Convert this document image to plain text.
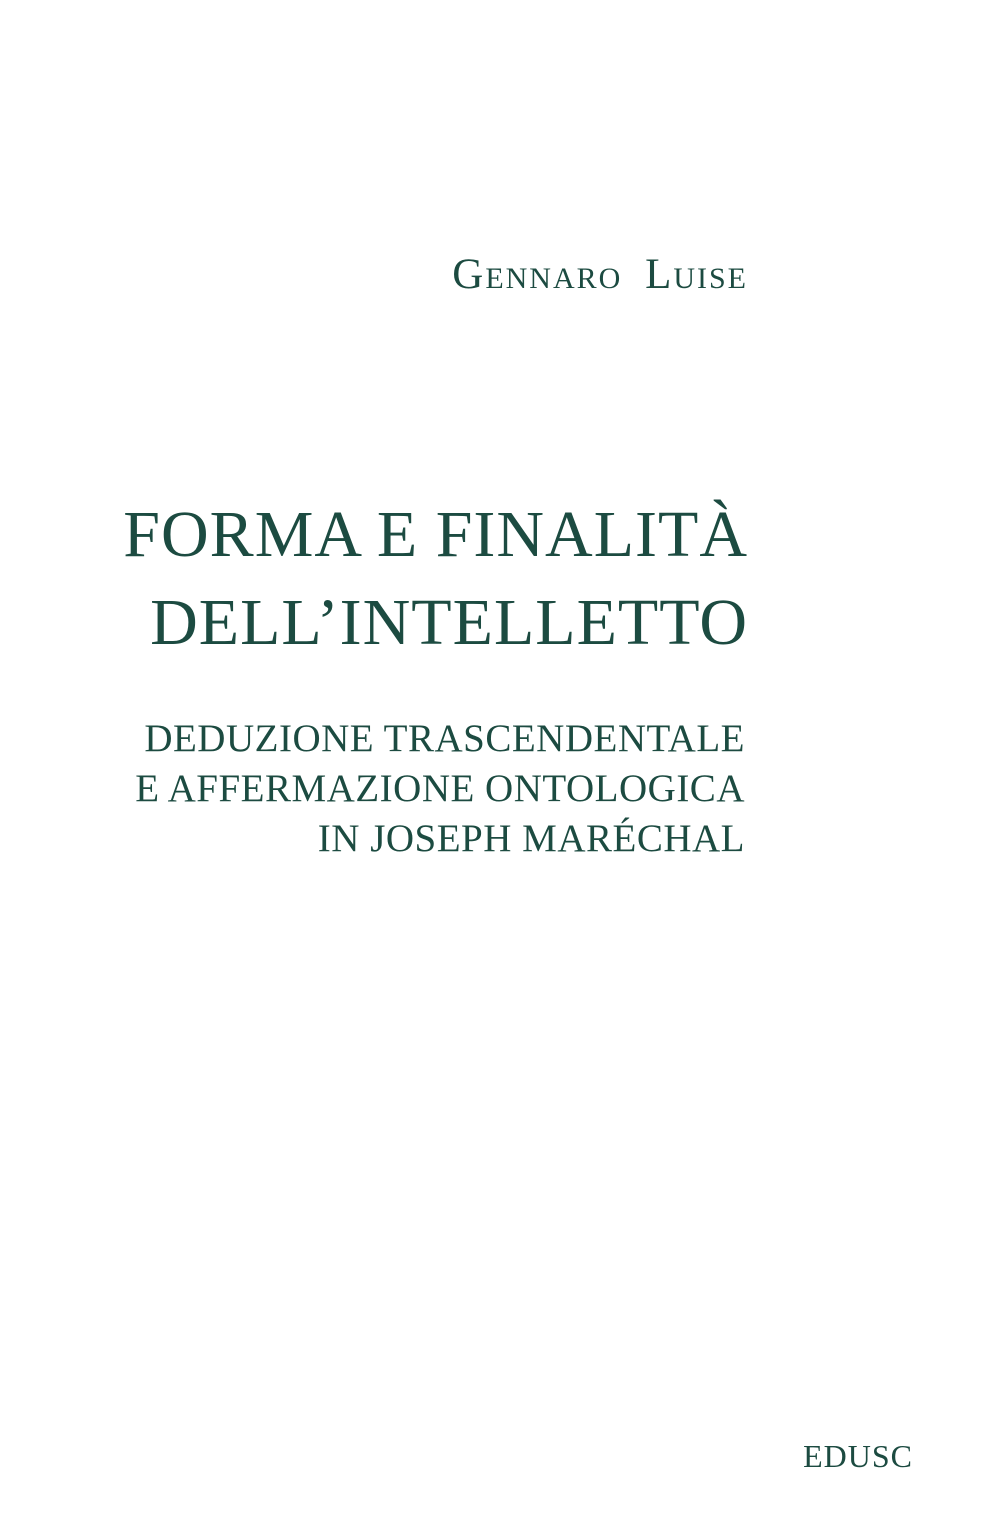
Gennaro Luise
FORMA E FINALITÀ
DELL’INTELLETTO
DEDUZIONE TRASCENDENTALE
E AFFERMAZIONE ONTOLOGICA
IN JOSEPH MARÉCHAL
EDUSC
